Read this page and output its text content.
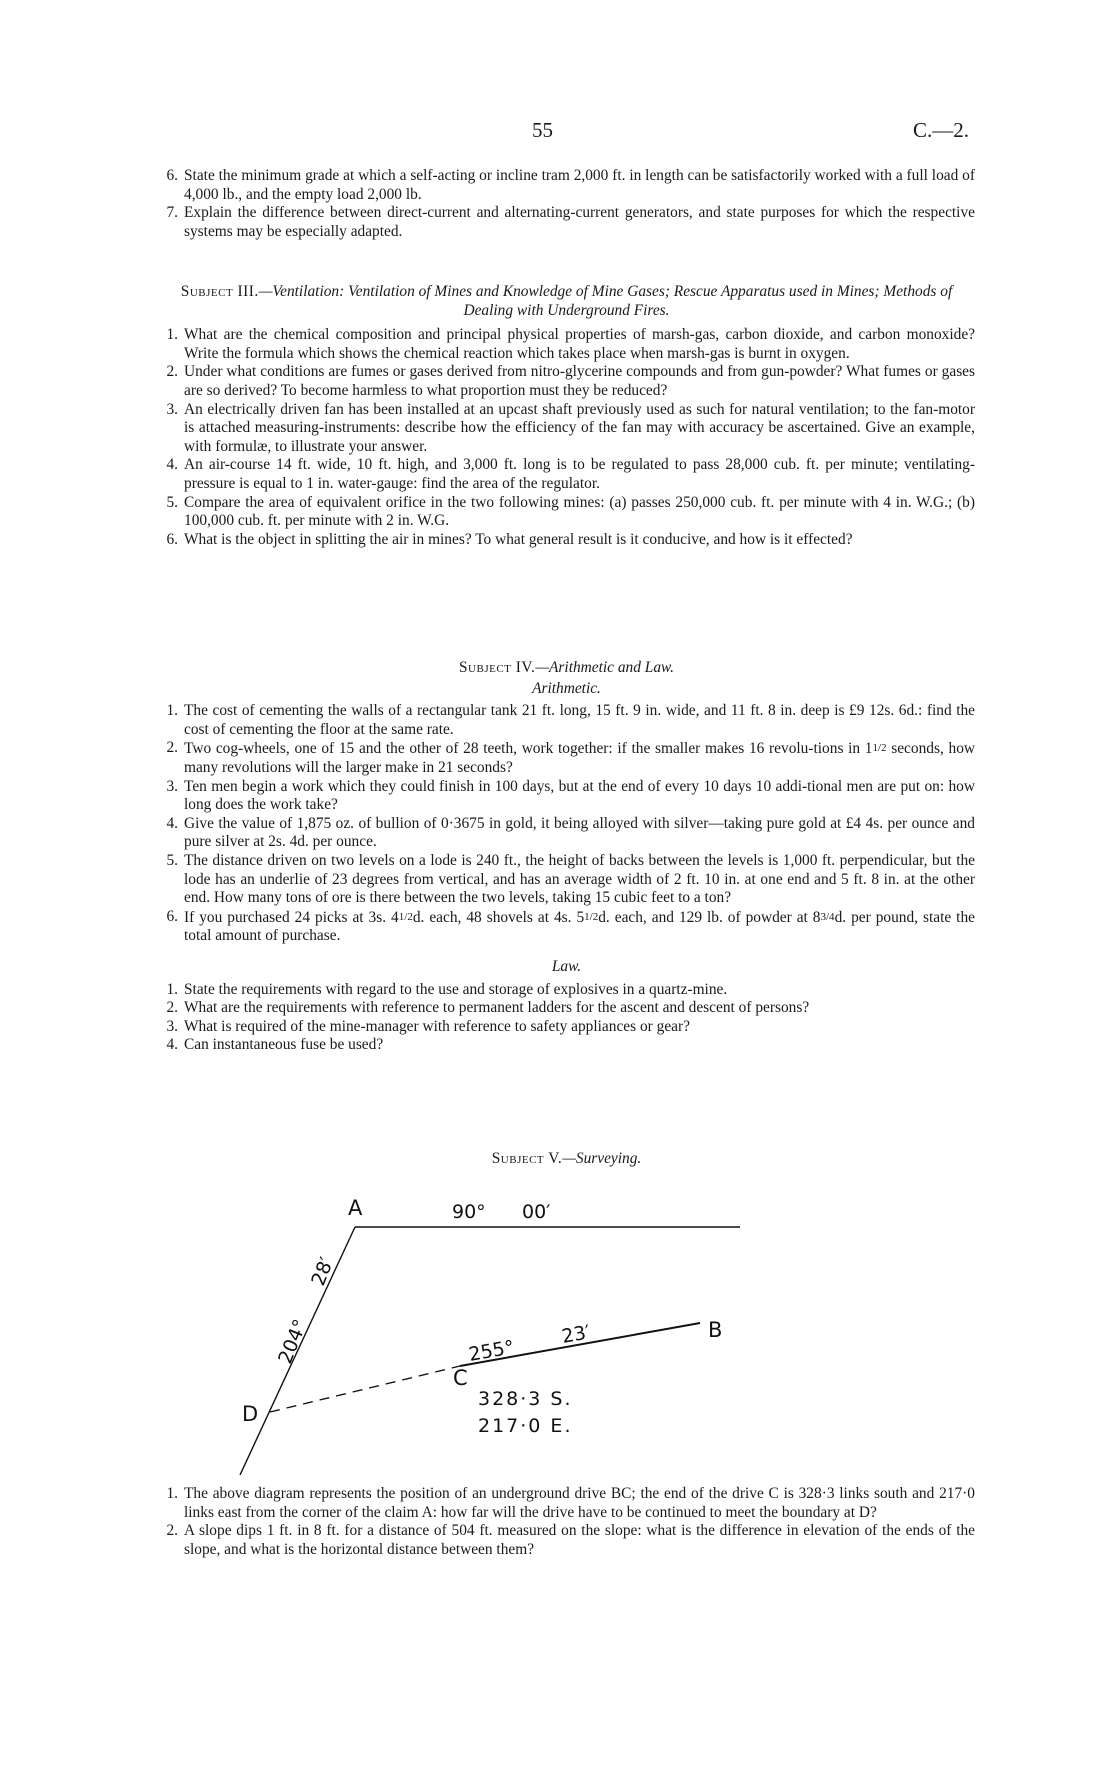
55	C.—2.
6. State the minimum grade at which a self-acting or incline tram 2,000 ft. in length can be satisfactorily worked with a full load of 4,000 lb., and the empty load 2,000 lb.
7. Explain the difference between direct-current and alternating-current generators, and state purposes for which the respective systems may be especially adapted.
Subject III.—Ventilation: Ventilation of Mines and Knowledge of Mine Gases; Rescue Apparatus used in Mines; Methods of Dealing with Underground Fires.
1. What are the chemical composition and principal physical properties of marsh-gas, carbon dioxide, and carbon monoxide? Write the formula which shows the chemical reaction which takes place when marsh-gas is burnt in oxygen.
2. Under what conditions are fumes or gases derived from nitro-glycerine compounds and from gun-powder? What fumes or gases are so derived? To become harmless to what proportion must they be reduced?
3. An electrically driven fan has been installed at an upcast shaft previously used as such for natural ventilation; to the fan-motor is attached measuring-instruments: describe how the efficiency of the fan may with accuracy be ascertained. Give an example, with formulæ, to illustrate your answer.
4. An air-course 14 ft. wide, 10 ft. high, and 3,000 ft. long is to be regulated to pass 28,000 cub. ft. per minute; ventilating-pressure is equal to 1 in. water-gauge: find the area of the regulator.
5. Compare the area of equivalent orifice in the two following mines: (a) passes 250,000 cub. ft. per minute with 4 in. W.G.; (b) 100,000 cub. ft. per minute with 2 in. W.G.
6. What is the object in splitting the air in mines? To what general result is it conducive, and how is it effected?
Subject IV.—Arithmetic and Law.
Arithmetic.
1. The cost of cementing the walls of a rectangular tank 21 ft. long, 15 ft. 9 in. wide, and 11 ft. 8 in. deep is £9 12s. 6d.: find the cost of cementing the floor at the same rate.
2. Two cog-wheels, one of 15 and the other of 28 teeth, work together: if the smaller makes 16 revolu-tions in 11/2 seconds, how many revolutions will the larger make in 21 seconds?
3. Ten men begin a work which they could finish in 100 days, but at the end of every 10 days 10 addi-tional men are put on: how long does the work take?
4. Give the value of 1,875 oz. of bullion of 0·3675 in gold, it being alloyed with silver—taking pure gold at £4 4s. per ounce and pure silver at 2s. 4d. per ounce.
5. The distance driven on two levels on a lode is 240 ft., the height of backs between the levels is 1,000 ft. perpendicular, but the lode has an underlie of 23 degrees from vertical, and has an average width of 2 ft. 10 in. at one end and 5 ft. 8 in. at the other end. How many tons of ore is there between the two levels, taking 15 cubic feet to a ton?
6. If you purchased 24 picks at 3s. 41/2d. each, 48 shovels at 4s. 51/2d. each, and 129 lb. of powder at 83/4d. per pound, state the total amount of purchase.
Law.
1. State the requirements with regard to the use and storage of explosives in a quartz-mine.
2. What are the requirements with reference to permanent ladders for the ascent and descent of persons?
3. What is required of the mine-manager with reference to safety appliances or gear?
4. Can instantaneous fuse be used?
Subject V.—Surveying.
A
B
C
D
90° 00′
204°
28′
255°
23′
328·3 S.
217·0 E.
1. The above diagram represents the position of an underground drive BC; the end of the drive C is 328·3 links south and 217·0 links east from the corner of the claim A: how far will the drive have to be continued to meet the boundary at D?
2. A slope dips 1 ft. in 8 ft. for a distance of 504 ft. measured on the slope: what is the difference in elevation of the ends of the slope, and what is the horizontal distance between them?
